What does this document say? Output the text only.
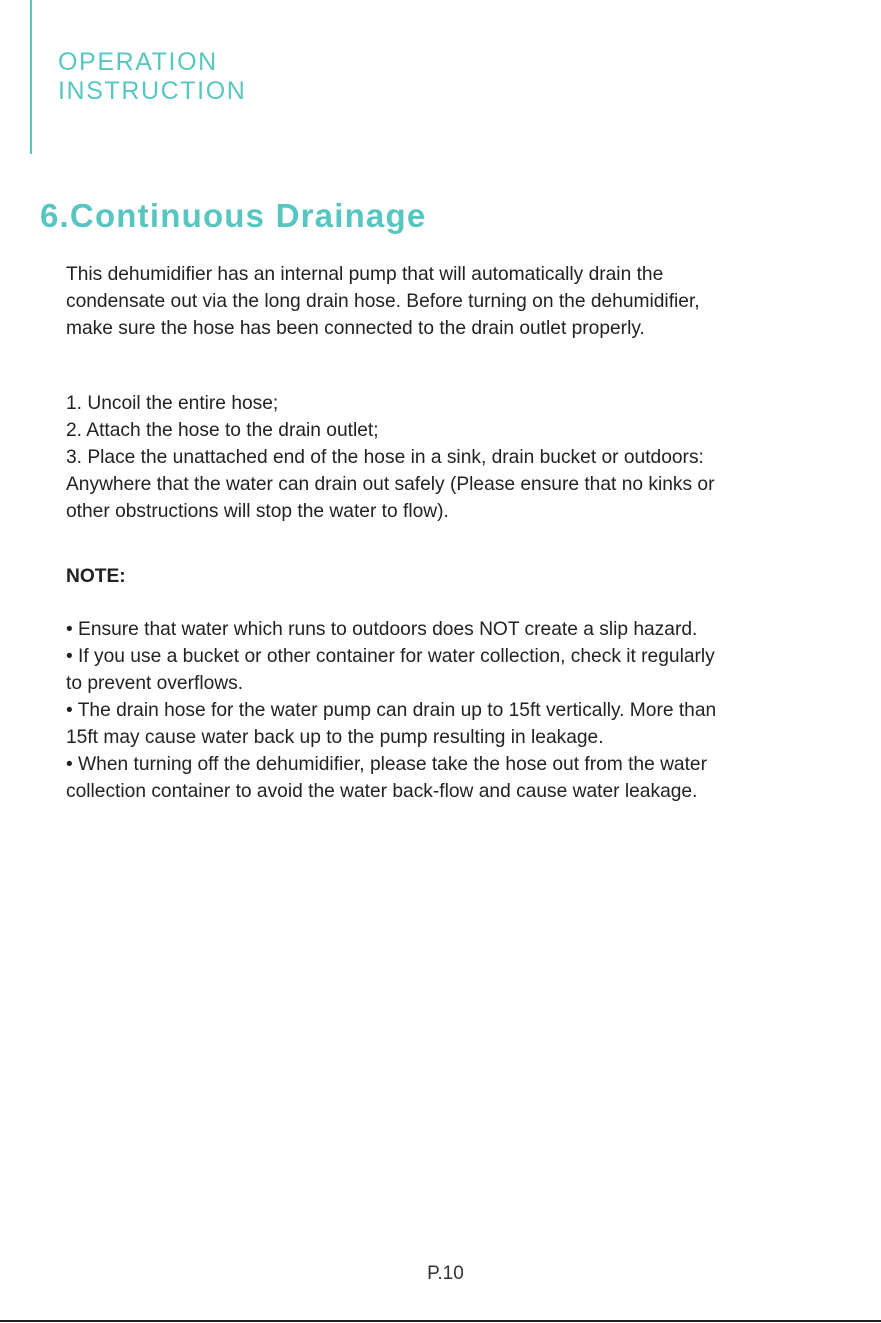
OPERATION
INSTRUCTION
6.Continuous Drainage
This dehumidifier has an internal pump that will automatically drain the
condensate out via the long drain hose. Before turning on the dehumidifier,
make sure the hose has been connected to the drain outlet properly.
1. Uncoil the entire hose;
2. Attach the hose to the drain outlet;
3. Place the unattached end of the hose in a sink, drain bucket or outdoors:
Anywhere that the water can drain out safely (Please ensure that no kinks or
other obstructions will stop the water to flow).
NOTE:
• Ensure that water which runs to outdoors does NOT create a slip hazard.
• If you use a bucket or other container for water collection, check it regularly
to prevent overflows.
• The drain hose for the water pump can drain up to 15ft vertically. More than
15ft may cause water back up to the pump resulting in leakage.
• When turning off the dehumidifier, please take the hose out from the water
collection container to avoid the water back-flow and cause water leakage.
P.10
